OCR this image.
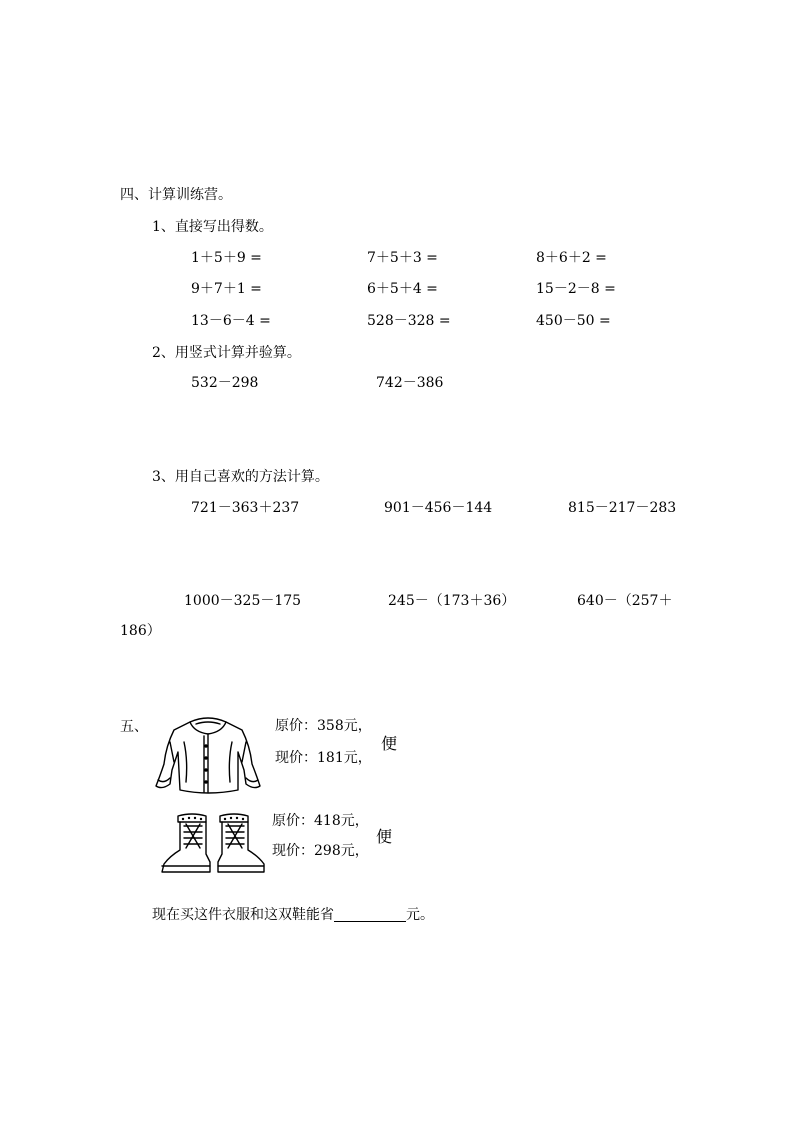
四、计算训练营。
1、直接写出得数。
1＋5＋9 =	7＋5＋3 =	8＋6＋2 =
9＋7＋1 =	6＋5＋4 =	15－2－8 =
13－6－4 =	528－328 =	450－50 =
2、用竖式计算并验算。
532－298	742－386
3、用自己喜欢的方法计算。
721－363＋237	901－456－144	815－217－283
1000－325－175	245－（173＋36）	640－（257＋
186）
五、	原价：358元，
现价：181元，
便
原价：418元，
现价：298元，
便
现在买这件衣服和这双鞋能省	元。
